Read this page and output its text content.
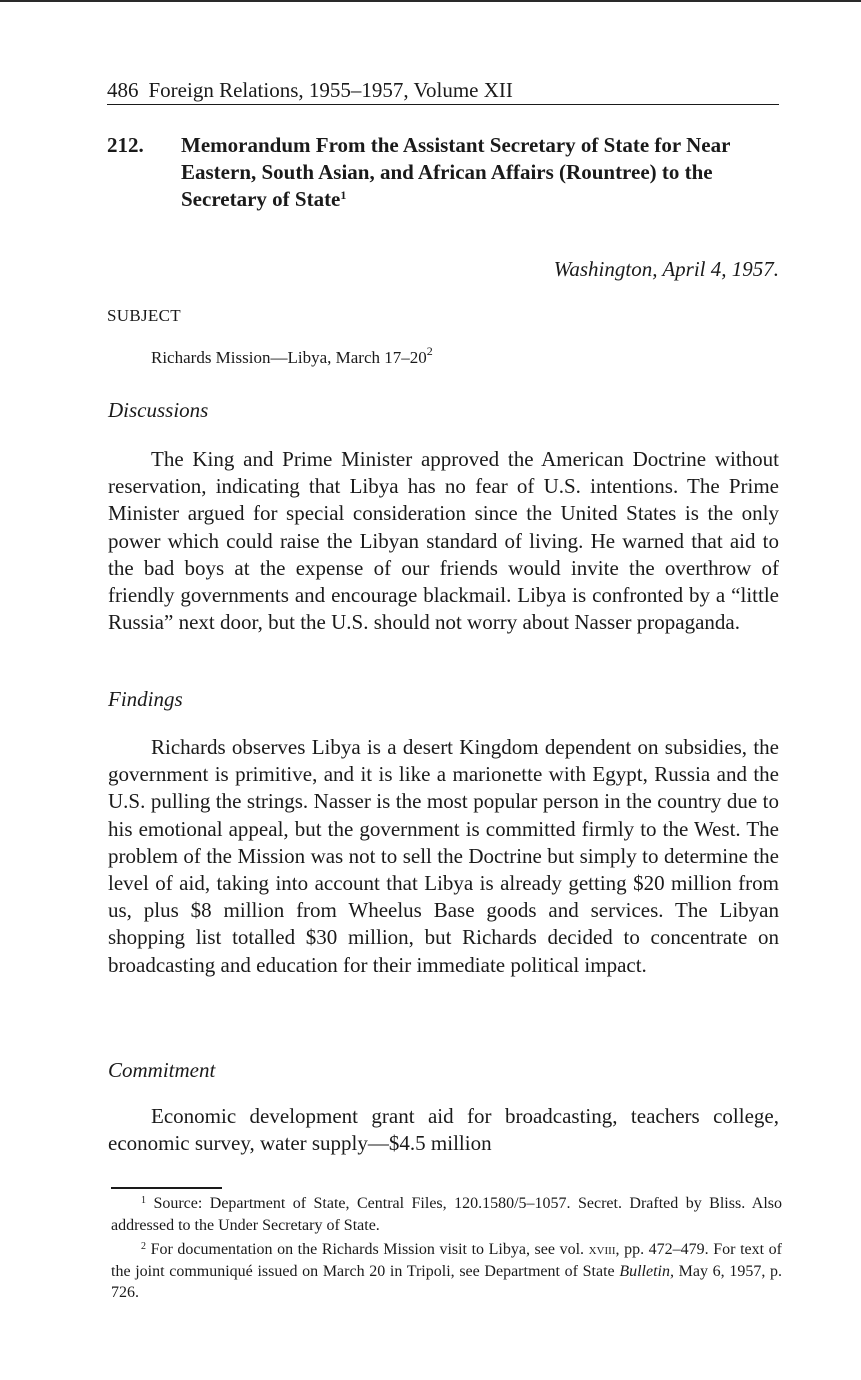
486 Foreign Relations, 1955–1957, Volume XII
212. Memorandum From the Assistant Secretary of State for Near Eastern, South Asian, and African Affairs (Rountree) to the Secretary of State$^1$
Washington, April 4, 1957.
SUBJECT
Richards Mission—Libya, March $17-20^2$
Discussions

The King and Prime Minister approved the American Doctrine without reservation, indicating that Libya has no fear of U.S. intentions. The Prime Minister argued for special consideration since the United States is the only power which could raise the Libyan standard of living. He warned that aid to the bad boys at the expense of our friends would invite the overthrow of friendly governments and encourage blackmail. Libya is confronted by a “little Russia” next door, but the U.S. should not worry about Nasser propaganda.

Findings

Richards observes Libya is a desert Kingdom dependent on subsidies, the government is primitive, and it is like a marionette with Egypt, Russia and the U.S. pulling the strings. Nasser is the most popular person in the country due to his emotional appeal, but the government is committed firmly to the West. The problem of the Mission was not to sell the Doctrine but simply to determine the level of aid, taking into account that Libya is already getting $20 million from us, plus $8 million from Wheelus Base goods and services. The Libyan shopping list totalled $30 million, but Richards decided to concentrate on broadcasting and education for their immediate political impact.

Commitment

Economic development grant aid for broadcasting, teachers college, economic survey, water supply—$4.5 million

$^1$ Source: Department of State, Central Files, 120.1580/5–1057. Secret. Drafted by Bliss. Also addressed to the Under Secretary of State.

$^2$ For documentation on the Richards Mission visit to Libya, see vol. xviii, pp. 472–479. For text of the joint communiqué issued on March 20 in Tripoli, see Department of State Bulletin, May 6, 1957, p. 726.
